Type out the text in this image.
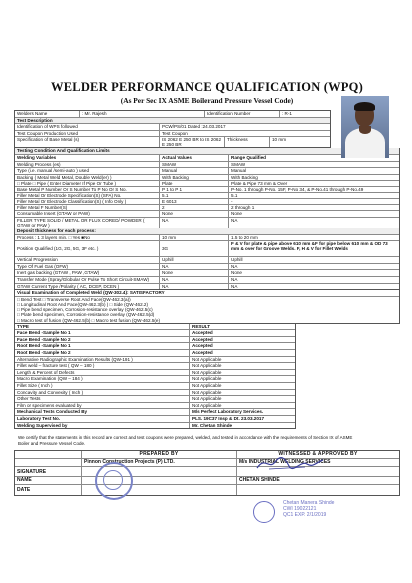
WELDER PERFORMANCE QUALIFICATION (WPQ)
(As Per Sec IX ASME Boilerand Pressure Vessel Code)
Welders Name	: Mr. Rajesh	Identification Number	: R-1
Test Description
Identification of WPS followed	PCW/PS/01 Dated :24.03.2017
Test Coupon Production Used	Test Coupon
Specification of Base Metal (s)	IS 2062 E 250 BR to IS 2062 E 250 BR
Thickness	10 mm
Testing Condition And Qualification Limits
Welding Variables	Actual Values	Range Qualified
Welding Process (es)	SMAW	SMAW
Type (i.e. manual /semi-auto ) used	Manual	Manual
Backing ( Metal Weld Metal, Double Weld(er) )	With Backing	With Backing
□ Plate □ Pipe ( Enter Diameter If Pipe Or Tube )	Plate	Plate & Pipe 73 mm & Over
Base Metal P Number Or S Number To P No Or S No.	P 1 to P 1	P-No. 1 through P-No. 15F, P-No 34, & P-No.41 through P-No.49
Filler Metal Or Electrode Specification(S) (SFA) No.	5.1	5.1
Filler Metal Or Electrode Classification(S) ( Info Only )	E 6013	-
Filler Metal F Number(S)	2	2 through 1
Consumable Insert (GTAW or PAW)	None	None
FILLER TYPE SOLID / METAL OR FLUX CORED/ POWDER ( GTAW or PAW )
NA	NA
Deposit thickness for each process:
Process : 1 3 layers min. □ Yes ■No	10 mm	1.5 to 20 mm
Position Qualified (1G, 2G, 5G, 3F etc. )	3G
F & V for plate & pipe above 610 mm &F for pipe below 610 mm & OD 73 mm & over for Groove Welds. F, H & V for Fillet Welds
Vertical Progression	Uphill	Uphill
Type Of Fuel Gas (OFW)	NA	NA
Inert gas backing (GTAW , PAW ,GTAW)	None	None
Transfer Mode (Spray/Globular Or Pulse To Short Circuit-SMAW)	NA	NA
GTAW Current Type /Polarity ( AC, DCEP, DCEN )	NA	NA
Visual Examination of Completed Weld (QW-302.4): SATISFACTORY
□ Bend Test □ Transverse Root And Face(QW-462.3(a))
□ Longitudinal Root And Face(QW-462.3(b) ) □ Side (QW-462.2)
□ Pipe bend specimen, Corrosion-resistance overlay (QW-462.5(c)
□ Plate bend specimen, Corrosion-resistance overlay (QW-462.5(d)
□ Macro test of fusion (QW-462.5(b) □ Macro test fusion (QW-462.5(e)
TYPE	RESULT
Face Bend -Sample No 1	Accepted
Face Bend -Sample No 2	Accepted
Root Bend -Sample No 1	Accepted
Root Bend -Sample No 2	Accepted
Alternative Radiographic Examination Results (QW-191 )	Not Applicable
Fillet weld – fracture test ( QW – 180 )	Not Applicable
Length & Percent of Defects	Not Applicable
Macro Examination (QW – 184 )	Not Applicable
Fillet Size ( Inch )	Not Applicable
Concavity and Convexity ( Inch )	Not Applicable
Other Tests	Not Applicable
Film or specimens evaluated by	Not Applicable
Mechanical Tests Conducted By	M/s Perfect Laboratory Services.
Laboratory Test No.	PLS. 19C37 Insp & Dt. 23.03.2017
Welding Supervised by	Mr. Chetan Shinde
We certify that the statements in this record are correct and test coupons were prepared, welded, and tested in accordance with the requirements of Section IX of ASME Boiler and Pressure Vessel Code.
PREPARED BY	WITNESSED & APPROVED BY
Pinnon Construction Projects (P) LTD.	M/s INDUSTRIAL WELDING SERVICES
SIGNATURE
NAME	CHETAN SHINDE
DATE
Chetan Manera Shinde
CWI 19022121
QC1 EXP. 2/1/2019
